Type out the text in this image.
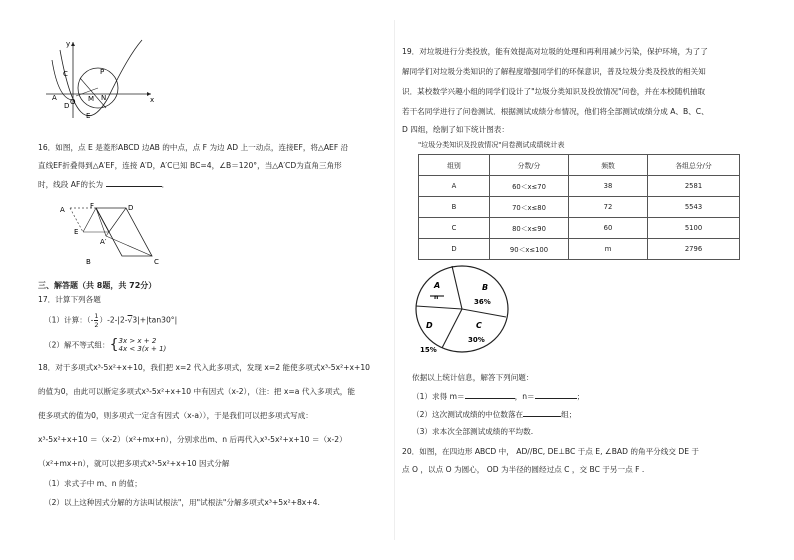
y
x
O
C	P
D
M N
E
A
16．如图，点 E 是菱形ABCD 边AB 的中点，点 F 为边 AD 上一动点，连接EF，将△AEF 沿
直线EF折叠得到△A′EF，连接 A′D，A′C已知 BC=4，∠B＝120°，当△A′CD为直角三角形
时，线段 AF的长为	．
A	F	D
E
A′
B	C
三、解答题（共 8题，共 72分）
17．计算下列各题
（1）计算：（- $\frac{1}{2} )-2-|2-√3|+|\tan 30^\circ|$
（2）解不等式组：{ 3x > x + 2
4x < 3(x + 1)
18．对于多项式x³-5x²+x+10，我们把 x=2 代入此多项式，发现 x=2 能使多项式x³-5x²+x+10
的值为0，由此可以断定多项式x³-5x²+x+10 中有因式（x-2），（注：把 x=a 代入多项式，能
使多项式的值为0，则多项式一定含有因式（x-a）），于是我们可以把多项式写成：
x³-5x²+x+10 ＝（x-2）（x²+mx+n），分别求出m、n 后再代入x³-5x²+x+10 ＝（x-2）
（x²+mx+n），就可以把多项式x³-5x²+x+10 因式分解
（1）求式子中 m、n 的值；
（2）以上这种因式分解的方法叫试根法"，用"试根法"分解多项式x³+5x²+8x+4.
19．对垃圾进行分类投放，能有效提高对垃圾的处理和再利用减少污染，保护环境，为了了
解同学们对垃圾分类知识的了解程度增强同学们的环保意识，普及垃圾分类及投放的相关知
识．某校数学兴趣小组的同学们设计了"垃圾分类知识及投放情况"问卷，并在本校随机抽取
若干名同学进行了问卷测试．根据测试成绩分布情况，他们将全部测试成绩分成 A、B、C、
D 四组，绘制了如下统计图表：
"垃圾分类知识及投放情况"问卷测试成绩统计表
组别	分数/分	频数	各组总分/分
A	60＜x≤70	38	2581
B	70＜x≤80	72	5543
C	80＜x≤90	60	5100
D	90＜x≤100	m	2796
A
n
B
36%
C
30%
D
15%
依据以上统计信息，解答下列问题：
（1）求得 m＝	，n＝	；
（2）这次测试成绩的中位数落在	组；
（3）求本次全部测试成绩的平均数.
20．如图，在四边形 ABCD 中， AD//BC, DE⊥BC 于点 E, ∠BAD 的角平分线交 DE 于
点 O ，以点 O 为圆心， OD 为半径的圆经过点 C ，交 BC 于另一点 F .
